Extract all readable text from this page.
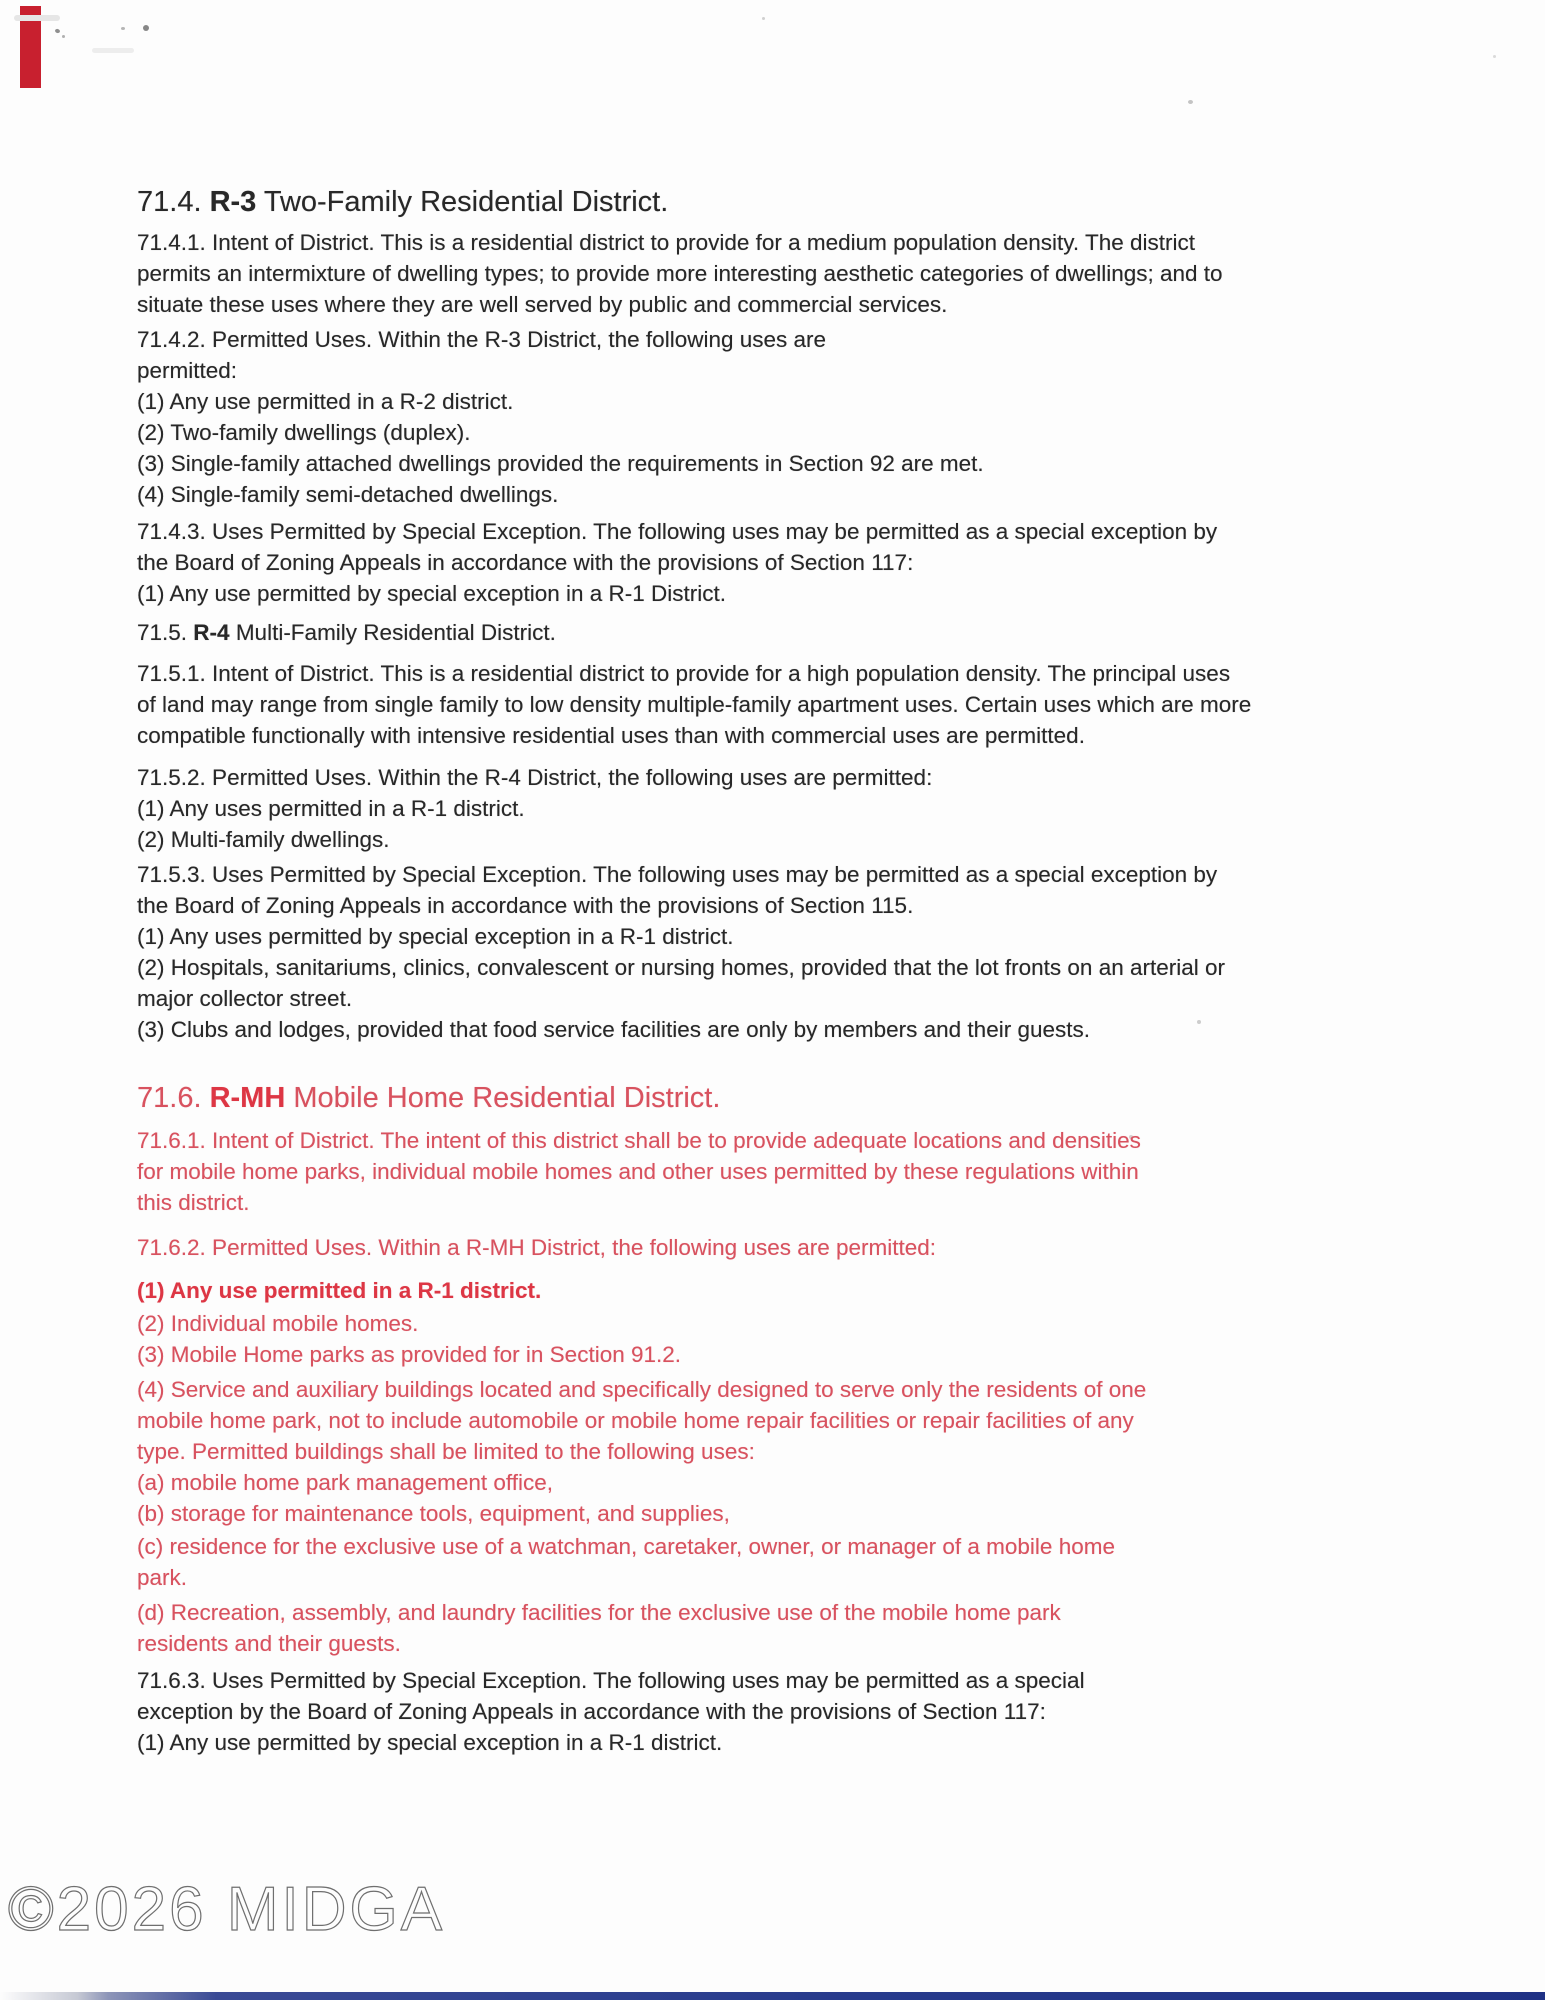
71.4. R-3 Two-Family Residential District.
71.4.1. Intent of District. This is a residential district to provide for a medium population density. The district
permits an intermixture of dwelling types; to provide more interesting aesthetic categories of dwellings; and to
situate these uses where they are well served by public and commercial services.
71.4.2. Permitted Uses. Within the R-3 District, the following uses are
permitted:
(1) Any use permitted in a R-2 district.
(2) Two-family dwellings (duplex).
(3) Single-family attached dwellings provided the requirements in Section 92 are met.
(4) Single-family semi-detached dwellings.
71.4.3. Uses Permitted by Special Exception. The following uses may be permitted as a special exception by
the Board of Zoning Appeals in accordance with the provisions of Section 117:
(1) Any use permitted by special exception in a R-1 District.
71.5. R-4 Multi-Family Residential District.
71.5.1. Intent of District. This is a residential district to provide for a high population density. The principal uses
of land may range from single family to low density multiple-family apartment uses. Certain uses which are more
compatible functionally with intensive residential uses than with commercial uses are permitted.
71.5.2. Permitted Uses. Within the R-4 District, the following uses are permitted:
(1) Any uses permitted in a R-1 district.
(2) Multi-family dwellings.
71.5.3. Uses Permitted by Special Exception. The following uses may be permitted as a special exception by
the Board of Zoning Appeals in accordance with the provisions of Section 115.
(1) Any uses permitted by special exception in a R-1 district.
(2) Hospitals, sanitariums, clinics, convalescent or nursing homes, provided that the lot fronts on an arterial or
major collector street.
(3) Clubs and lodges, provided that food service facilities are only by members and their guests.
71.6. R-MH Mobile Home Residential District.
71.6.1. Intent of District. The intent of this district shall be to provide adequate locations and densities
for mobile home parks, individual mobile homes and other uses permitted by these regulations within
this district.
71.6.2. Permitted Uses. Within a R-MH District, the following uses are permitted:
(1) Any use permitted in a R-1 district.
(2) Individual mobile homes.
(3) Mobile Home parks as provided for in Section 91.2.
(4) Service and auxiliary buildings located and specifically designed to serve only the residents of one
mobile home park, not to include automobile or mobile home repair facilities or repair facilities of any
type. Permitted buildings shall be limited to the following uses:
(a) mobile home park management office,
(b) storage for maintenance tools, equipment, and supplies,
(c) residence for the exclusive use of a watchman, caretaker, owner, or manager of a mobile home
park.
(d) Recreation, assembly, and laundry facilities for the exclusive use of the mobile home park
residents and their guests.
71.6.3. Uses Permitted by Special Exception. The following uses may be permitted as a special
exception by the Board of Zoning Appeals in accordance with the provisions of Section 117:
(1) Any use permitted by special exception in a R-1 district.
©2026 MIDGA
